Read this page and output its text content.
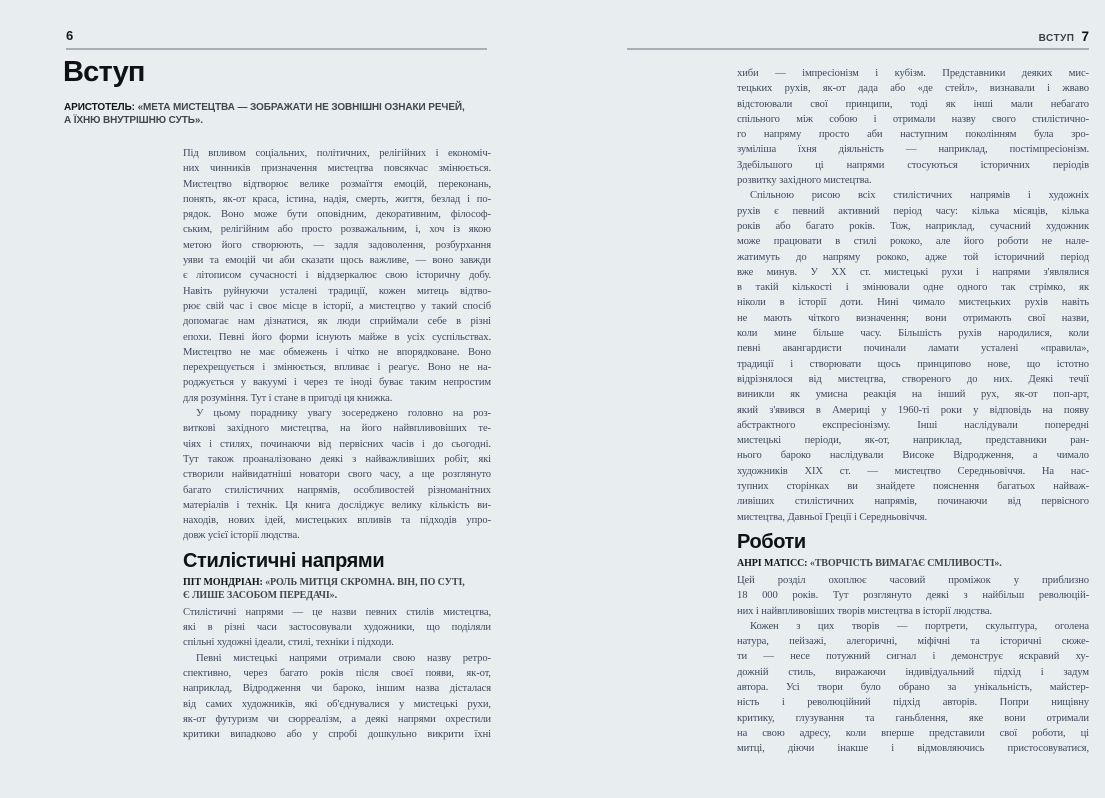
6
Вступ
АРИСТОТЕЛЬ: «МЕТА МИСТЕЦТВА — ЗОБРАЖАТИ НЕ ЗОВНІШНІ ОЗНАКИ РЕЧЕЙ,
А ЇХНЮ ВНУТРІШНЮ СУТЬ».
Під впливом соціальних, політичних, релігійних і економіч-
них чинників призначення мистецтва повсякчас змінюється.
Мистецтво відтворює велике розмаїття емоцій, переконань,
понять, як-от краса, істина, надія, смерть, життя, безлад і по-
рядок. Воно може бути оповідним, декоративним, філософ-
ським, релігійним або просто розважальним, і, хоч із якою
метою його створюють, — задля задоволення, розбурхання
уяви та емоцій чи аби сказати щось важливе, — воно завжди
є літописом сучасності і віддзеркалює свою історичну добу.
Навіть руйнуючи усталені традиції, кожен митець відтво-
рює свій час і своє місце в історії, а мистецтво у такий спосіб
допомагає нам дізнатися, як люди сприймали себе в різні
епохи. Певні його форми існують майже в усіх суспільствах.
Мистецтво не має обмежень і чітко не впорядковане. Воно
перехрещується і змінюється, впливає і реагує. Воно не на-
роджується у вакуумі і через те іноді буває таким непростим
для розуміння. Тут і стане в пригоді ця книжка.
У цьому пораднику увагу зосереджено головно на роз-
виткові західного мистецтва, на його найвпливовіших те-
чіях і стилях, починаючи від первісних часів і до сьогодні.
Тут також проаналізовано деякі з найважливіших робіт, які
створили найвидатніші новатори свого часу, а ще розглянуто
багато стилістичних напрямів, особливостей різноманітних
матеріалів і технік. Ця книга досліджує велику кількість ви-
находів, нових ідей, мистецьких впливів та підходів упро-
довж усієї історії людства.
Стилістичні напрями
ПІТ МОНДРІАН: «РОЛЬ МИТЦЯ СКРОМНА. ВІН, ПО СУТІ,
Є ЛИШЕ ЗАСОБОМ ПЕРЕДАЧІ».
Стилістичні напрями — це назви певних стилів мистецтва,
які в різні часи застосовували художники, що поділяли
спільні художні ідеали, стилі, техніки і підходи.
Певні мистецькі напрями отримали свою назву ретро-
спективно, через багато років після своєї появи, як-от,
наприклад, Відродження чи бароко, іншим назва дісталася
від самих художників, які об'єднувалися у мистецькі рухи,
як-от футуризм чи сюрреалізм, а деякі напрями охрестили
критики випадково або у спробі дошкульно викрити їхні
ВСТУП 7
хиби — імпресіонізм і кубізм. Представники деяких мис-
тецьких рухів, як-от дада або «де стейл», визнавали і жваво
відстоювали свої принципи, тоді як інші мали небагато
спільного між собою і отримали назву свого стилістично-
го напряму просто аби наступним поколінням була зро-
зуміліша їхня діяльність — наприклад, постімпресіонізм.
Здебільшого ці напрями стосуються історичних періодів
розвитку західного мистецтва.
Спільною рисою всіх стилістичних напрямів і художніх
рухів є певний активний період часу: кілька місяців, кілька
років або багато років. Тож, наприклад, сучасний художник
може працювати в стилі рококо, але його роботи не нале-
жатимуть до напряму рококо, адже той історичний період
вже минув. У XX ст. мистецькі рухи і напрями з'являлися
в такій кількості і змінювали одне одного так стрімко, як
ніколи в історії доти. Нині чимало мистецьких рухів навіть
не мають чіткого визначення; вони отримають свої назви,
коли мине більше часу. Більшість рухів народилися, коли
певні авангардисти починали ламати усталені «правила»,
традиції і створювати щось принципово нове, що істотно
відрізнялося від мистецтва, створеного до них. Деякі течії
виникли як умисна реакція на інший рух, як-от поп-арт,
який з'явився в Америці у 1960-ті роки у відповідь на появу
абстрактного експресіонізму. Інші наслідували попередні
мистецькі періоди, як-от, наприклад, представники ран-
нього бароко наслідували Високе Відродження, а чимало
художників XIX ст. — мистецтво Середньовіччя. На нас-
тупних сторінках ви знайдете пояснення багатьох найваж-
ливіших стилістичних напрямів, починаючи від первісного
мистецтва, Давньої Греції і Середньовіччя.
Роботи
АНРІ МАТІСС: «ТВОРЧІСТЬ ВИМАГАЄ СМІЛИВОСТІ».
Цей розділ охоплює часовий проміжок у приблизно
18 000 років. Тут розглянуто деякі з найбільш революцій-
них і найвпливовіших творів мистецтва в історії людства.
Кожен з цих творів — портрети, скульптура, оголена
натура, пейзажі, алегоричні, міфічні та історичні сюже-
ти — несе потужний сигнал і демонструє яскравий ху-
дожній стиль, виражаючи індивідуальний підхід і задум
автора. Усі твори було обрано за унікальність, майстер-
ність і революційний підхід авторів. Попри нищівну
критику, глузування та ганьблення, яке вони отримали
на свою адресу, коли вперше представили свої роботи, ці
митці, діючи інакше і відмовляючись пристосовуватися,
